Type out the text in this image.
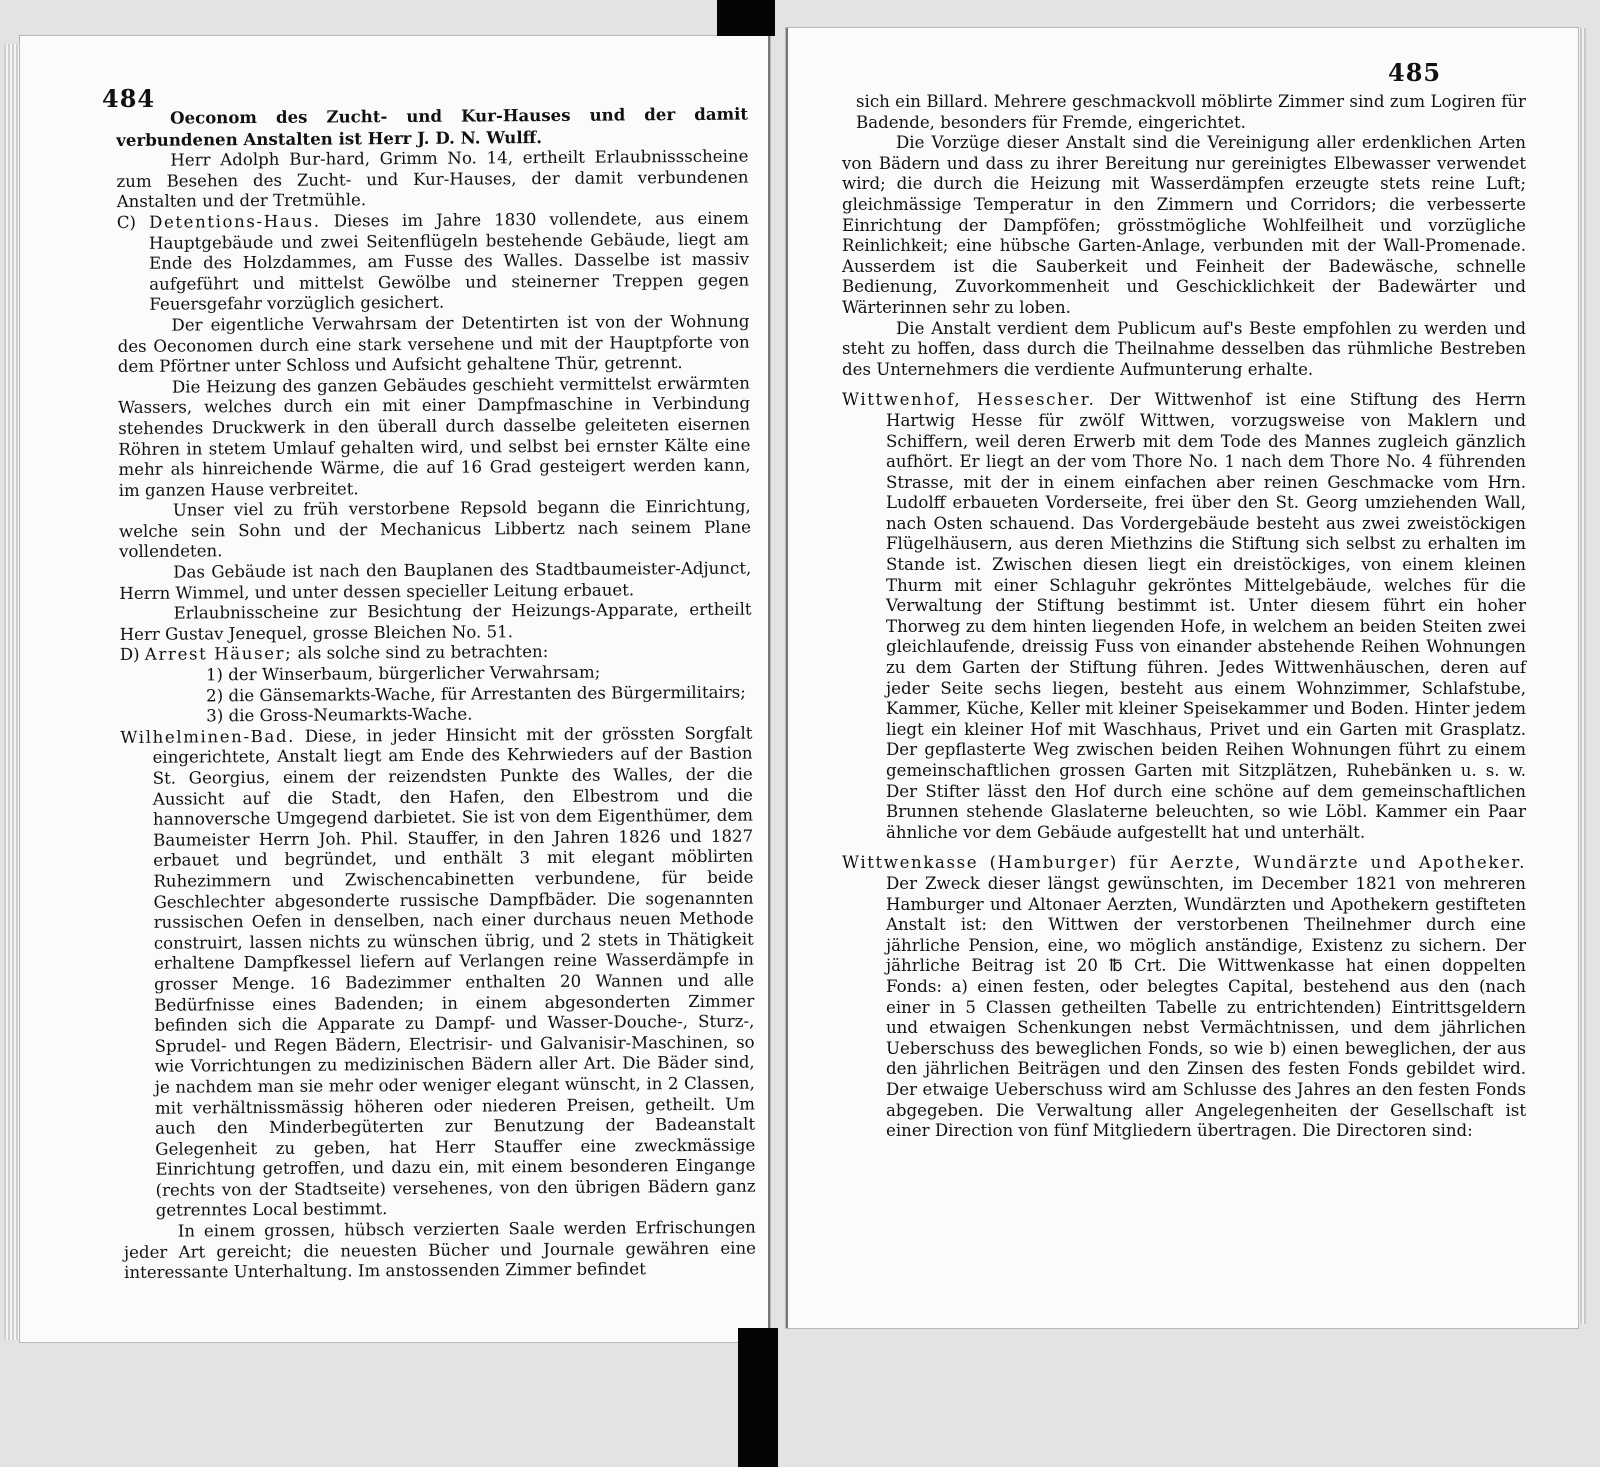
484

Oeconom des Zucht- und Kur-Hauses und der damit verbundenen Anstalten ist Herr J. D. N. Wulff.

Herr Adolph Bur-hard, Grimm No. 14, ertheilt Erlaubnissscheine zum Besehen des Zucht- und Kur-Hauses, der damit verbundenen Anstalten und der Tretmühle.

C) Detentions-Haus. Dieses im Jahre 1830 vollendete, aus einem Hauptgebäude und zwei Seitenflügeln bestehende Gebäude, liegt am Ende des Holzdammes, am Fusse des Walles. Dasselbe ist massiv aufgeführt und mittelst Gewölbe und steinerner Treppen gegen Feuersgefahr vorzüglich gesichert.

Der eigentliche Verwahrsam der Detentirten ist von der Wohnung des Oeconomen durch eine stark versehene und mit der Hauptpforte von dem Pförtner unter Schloss und Aufsicht gehaltene Thür, getrennt.

Die Heizung des ganzen Gebäudes geschieht vermittelst erwärmten Wassers, welches durch ein mit einer Dampfmaschine in Verbindung stehendes Druckwerk in den überall durch dasselbe geleiteten eisernen Röhren in stetem Umlauf gehalten wird, und selbst bei ernster Kälte eine mehr als hinreichende Wärme, die auf 16 Grad gesteigert werden kann, im ganzen Hause verbreitet.

Unser viel zu früh verstorbene Repsold begann die Einrichtung, welche sein Sohn und der Mechanicus Libbertz nach seinem Plane vollendeten.

Das Gebäude ist nach den Bauplanen des Stadtbaumeister-Adjunct, Herrn Wimmel, und unter dessen specieller Leitung erbauet.

Erlaubnisscheine zur Besichtung der Heizungs-Apparate, ertheilt Herr Gustav Jenequel, grosse Bleichen No. 51.

D) Arrest Häuser; als solche sind zu betrachten:

1) der Winserbaum, bürgerlicher Verwahrsam;

2) die Gänsemarkts-Wache, für Arrestanten des Bürgermilitairs;

3) die Gross-Neumarkts-Wache.

Wilhelminen-Bad. Diese, in jeder Hinsicht mit der grössten Sorgfalt eingerichtete, Anstalt liegt am Ende des Kehrwieders auf der Bastion St. Georgius, einem der reizendsten Punkte des Walles, der die Aussicht auf die Stadt, den Hafen, den Elbestrom und die hannoversche Umgegend darbietet. Sie ist von dem Eigenthümer, dem Baumeister Herrn Joh. Phil. Stauffer, in den Jahren 1826 und 1827 erbauet und begründet, und enthält 3 mit elegant möblirten Ruhezimmern und Zwischencabinetten verbundene, für beide Geschlechter abgesonderte russische Dampfbäder. Die sogenannten russischen Oefen in denselben, nach einer durchaus neuen Methode construirt, lassen nichts zu wünschen übrig, und 2 stets in Thätigkeit erhaltene Dampfkessel liefern auf Verlangen reine Wasserdämpfe in grosser Menge. 16 Badezimmer enthalten 20 Wannen und alle Bedürfnisse eines Badenden; in einem abgesonderten Zimmer befinden sich die Apparate zu Dampf- und Wasser-Douche-, Sturz-, Sprudel- und Regen Bädern, Electrisir- und Galvanisir-Maschinen, so wie Vorrichtungen zu medizinischen Bädern aller Art. Die Bäder sind, je nachdem man sie mehr oder weniger elegant wünscht, in 2 Classen, mit verhältnissmässig höheren oder niederen Preisen, getheilt. Um auch den Minderbegüterten zur Benutzung der Badeanstalt Gelegenheit zu geben, hat Herr Stauffer eine zweckmässige Einrichtung getroffen, und dazu ein, mit einem besonderen Eingange (rechts von der Stadtseite) versehenes, von den übrigen Bädern ganz getrenntes Local bestimmt.

In einem grossen, hübsch verzierten Saale werden Erfrischungen jeder Art gereicht; die neuesten Bücher und Journale gewähren eine interessante Unterhaltung. Im anstossenden Zimmer befindet

485

sich ein Billard. Mehrere geschmackvoll möblirte Zimmer sind zum Logiren für Badende, besonders für Fremde, eingerichtet.

Die Vorzüge dieser Anstalt sind die Vereinigung aller erdenklichen Arten von Bädern und dass zu ihrer Bereitung nur gereinigtes Elbewasser verwendet wird; die durch die Heizung mit Wasserdämpfen erzeugte stets reine Luft; gleichmässige Temperatur in den Zimmern und Corridors; die verbesserte Einrichtung der Dampföfen; grösstmögliche Wohlfeilheit und vorzügliche Reinlichkeit; eine hübsche Garten-Anlage, verbunden mit der Wall-Promenade. Ausserdem ist die Sauberkeit und Feinheit der Badewäsche, schnelle Bedienung, Zuvorkommenheit und Geschicklichkeit der Badewärter und Wärterinnen sehr zu loben.

Die Anstalt verdient dem Publicum auf's Beste empfohlen zu werden und steht zu hoffen, dass durch die Theilnahme desselben das rühmliche Bestreben des Unternehmers die verdiente Aufmunterung erhalte.

Wittwenhof, Hessescher. Der Wittwenhof ist eine Stiftung des Herrn Hartwig Hesse für zwölf Wittwen, vorzugsweise von Maklern und Schiffern, weil deren Erwerb mit dem Tode des Mannes zugleich gänzlich aufhört. Er liegt an der vom Thore No. 1 nach dem Thore No. 4 führenden Strasse, mit der in einem einfachen aber reinen Geschmacke vom Hrn. Ludolff erbaueten Vorderseite, frei über den St. Georg umziehenden Wall, nach Osten schauend. Das Vordergebäude besteht aus zwei zweistöckigen Flügelhäusern, aus deren Miethzins die Stiftung sich selbst zu erhalten im Stande ist. Zwischen diesen liegt ein dreistöckiges, von einem kleinen Thurm mit einer Schlaguhr gekröntes Mittelgebäude, welches für die Verwaltung der Stiftung bestimmt ist. Unter diesem führt ein hoher Thorweg zu dem hinten liegenden Hofe, in welchem an beiden Steiten zwei gleichlaufende, dreissig Fuss von einander abstehende Reihen Wohnungen zu dem Garten der Stiftung führen. Jedes Wittwenhäuschen, deren auf jeder Seite sechs liegen, besteht aus einem Wohnzimmer, Schlafstube, Kammer, Küche, Keller mit kleiner Speisekammer und Boden. Hinter jedem liegt ein kleiner Hof mit Waschhaus, Privet und ein Garten mit Grasplatz. Der gepflasterte Weg zwischen beiden Reihen Wohnungen führt zu einem gemeinschaftlichen grossen Garten mit Sitzplätzen, Ruhebänken u. s. w. Der Stifter lässt den Hof durch eine schöne auf dem gemeinschaftlichen Brunnen stehende Glaslaterne beleuchten, so wie Löbl. Kammer ein Paar ähnliche vor dem Gebäude aufgestellt hat und unterhält.

Wittwenkasse (Hamburger) für Aerzte, Wundärzte und Apotheker. Der Zweck dieser längst gewünschten, im December 1821 von mehreren Hamburger und Altonaer Aerzten, Wundärzten und Apothekern gestifteten Anstalt ist: den Wittwen der verstorbenen Theilnehmer durch eine jährliche Pension, eine, wo möglich anständige, Existenz zu sichern. Der jährliche Beitrag ist 20 ℔ Crt. Die Wittwenkasse hat einen doppelten Fonds: a) einen festen, oder belegtes Capital, bestehend aus den (nach einer in 5 Classen getheilten Tabelle zu entrichtenden) Eintrittsgeldern und etwaigen Schenkungen nebst Vermächtnissen, und dem jährlichen Ueberschuss des beweglichen Fonds, so wie b) einen beweglichen, der aus den jährlichen Beiträgen und den Zinsen des festen Fonds gebildet wird. Der etwaige Ueberschuss wird am Schlusse des Jahres an den festen Fonds abgegeben. Die Verwaltung aller Angelegenheiten der Gesellschaft ist einer Direction von fünf Mitgliedern übertragen. Die Directoren sind:
